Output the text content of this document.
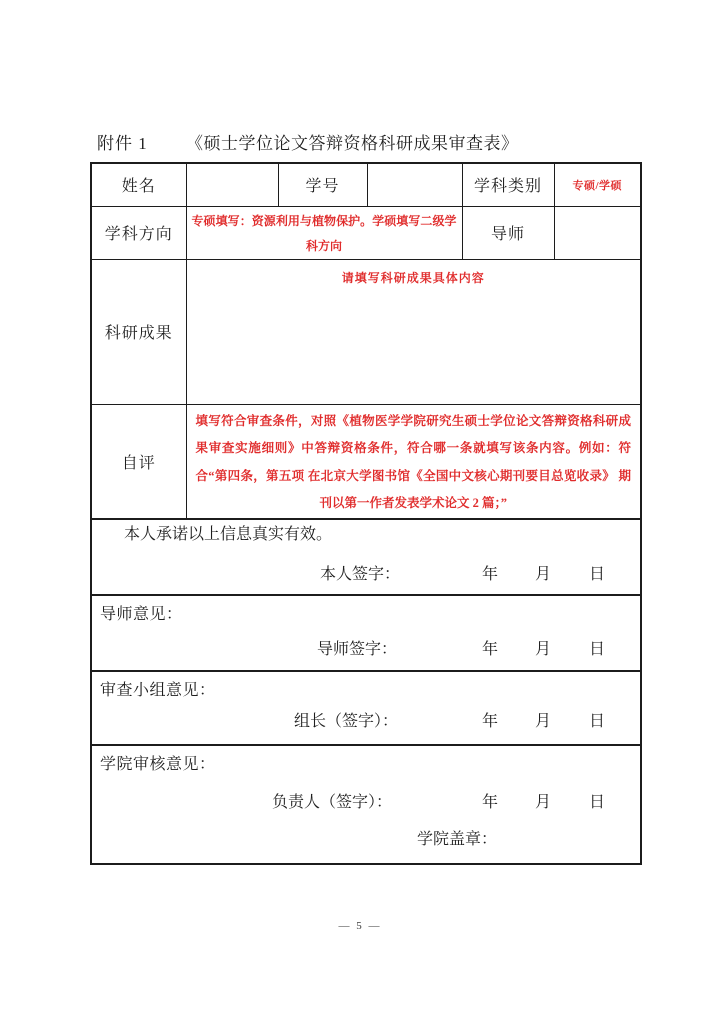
附件 1 《硕士学位论文答辩资格科研成果审查表》
姓名		学号		学科类别	专硕/学硕
学科方向	专硕填写：资源利用与植物保护。学硕填写二级学科方向			导师	
科研成果	请填写科研成果具体内容				

自评	填写符合审查条件，对照《植物医学学院研究生硕士学位论文答辩资格科研成果审查实施细则》中答辩资格条件，符合哪一条就填写该条内容。例如：符合“第四条，第五项 在北京大学图书馆《全国中文核心期刊要目总览收录》 期刊以第一作者发表学术论文 2 篇；”				

本人承诺以上信息真实有效。
本人签字： 年 月 日					

导师意见：
导师签字： 年 月 日					

审查小组意见：
组长（签字）： 年 月 日					

学院审核意见：
负责人（签字）：	年 月 日
学院盖章：
— 5 —
